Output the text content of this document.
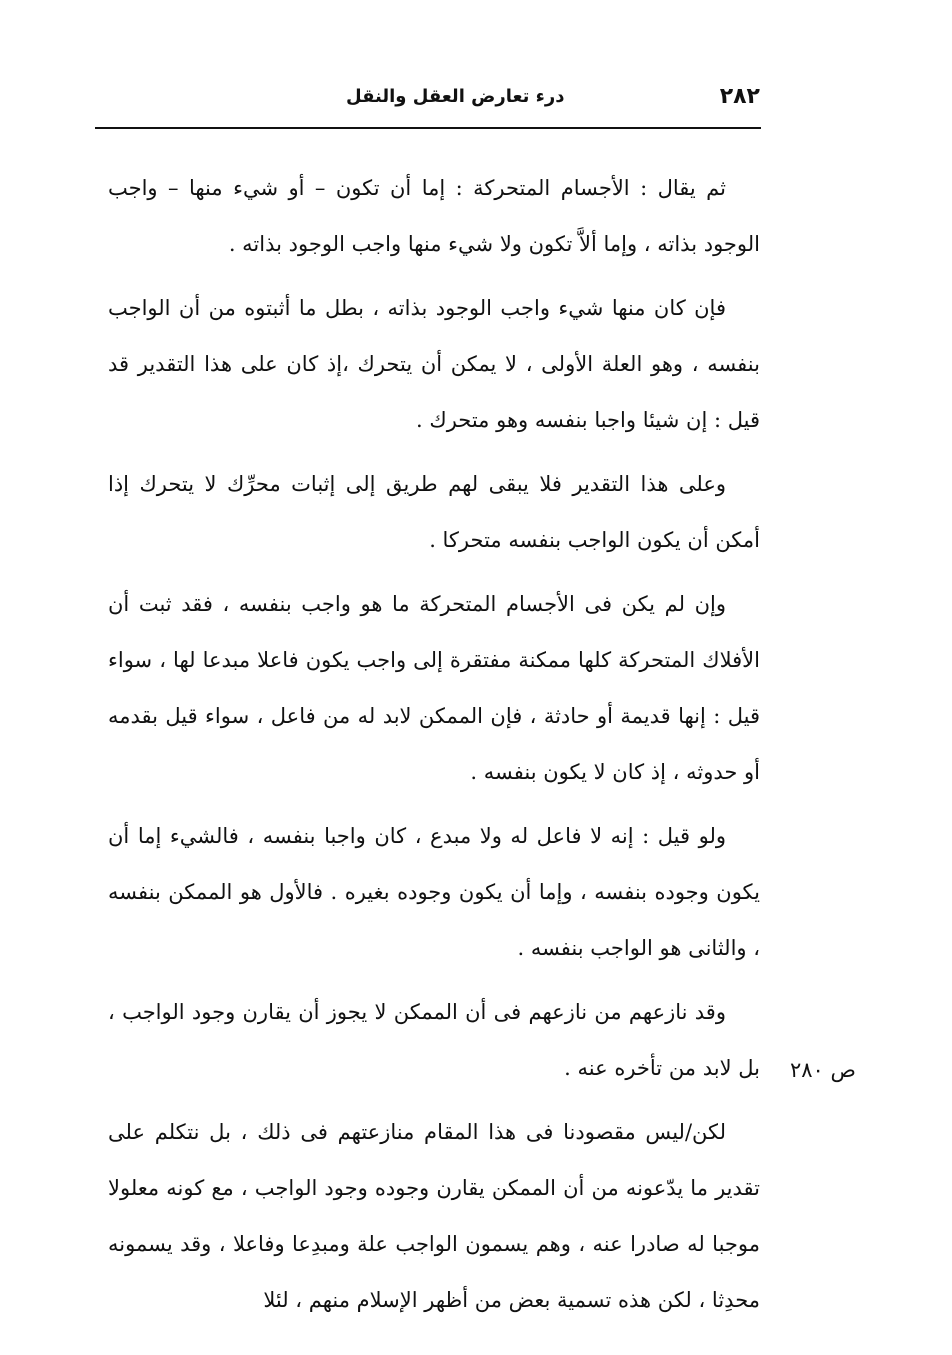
٢٨٢
درء تعارض العقل والنقل

ثم يقال : الأجسام المتحركة : إما أن تكون – أو شيء منها – واجب الوجود بذاته ، وإما ألاَّ تكون ولا شيء منها واجب الوجود بذاته .

فإن كان منها شيء واجب الوجود بذاته ، بطل ما أثبتوه من أن الواجب بنفسه ، وهو العلة الأولى ، لا يمكن أن يتحرك ،إذ كان على هذا التقدير قد قيل : إن شيئا واجبا بنفسه وهو متحرك .

وعلى هذا التقدير فلا يبقى لهم طريق إلى إثبات محرِّك لا يتحرك إذا أمكن أن يكون الواجب بنفسه متحركا .

وإن لم يكن فى الأجسام المتحركة ما هو واجب بنفسه ، فقد ثبت أن الأفلاك المتحركة كلها ممكنة مفتقرة إلى واجب يكون فاعلا مبدعا لها ، سواء قيل : إنها قديمة أو حادثة ، فإن الممكن لابد له من فاعل ، سواء قيل بقدمه أو حدوثه ، إذ كان لا يكون بنفسه .

ولو قيل : إنه لا فاعل له ولا مبدع ، كان واجبا بنفسه ، فالشيء إما أن يكون وجوده بنفسه ، وإما أن يكون وجوده بغيره . فالأول هو الممكن بنفسه ، والثانى هو الواجب بنفسه .

وقد نازعهم من نازعهم فى أن الممكن لا يجوز أن يقارن وجود الواجب ، بل لابد من تأخره عنه .

لكن/ليس مقصودنا فى هذا المقام منازعتهم فى ذلك ، بل نتكلم على تقدير ما يدّعونه من أن الممكن يقارن وجوده وجود الواجب ، مع كونه معلولا موجبا له صادرا عنه ، وهم يسمون الواجب علة ومبدِعا وفاعلا ، وقد يسمونه محدِثا ، لكن هذه تسمية بعض من أظهر الإسلام منهم ، لئلا

ص ٢٨٠
